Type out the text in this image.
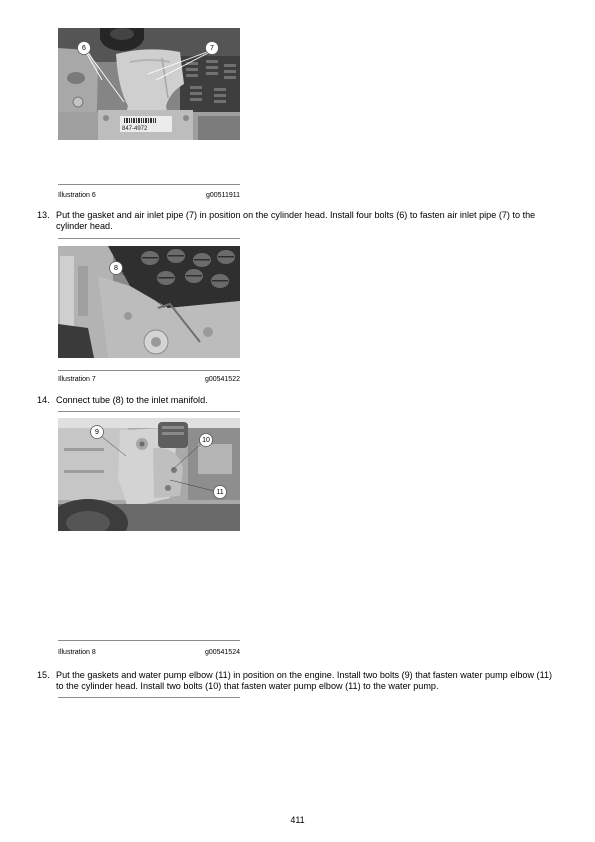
847-4972
6	7
Illustration 6	g00511911
13. Put the gasket and air inlet pipe (7) in position on the cylinder head. Install four bolts (6) to fasten air inlet pipe (7) to the cylinder head.
8
Illustration 7	g00541522
14. Connect tube (8) to the inlet manifold.
9
10
11
Illustration 8	g00541524
15. Put the gaskets and water pump elbow (11) in position on the engine. Install two bolts (9) that fasten water pump elbow (11) to the cylinder head. Install two bolts (10) that fasten water pump elbow (11) to the water pump.
411
